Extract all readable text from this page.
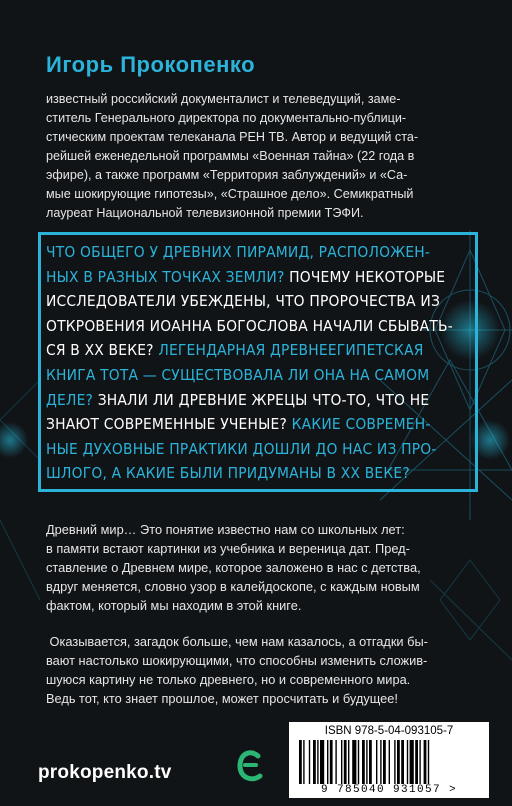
Игорь Прокопенко

известный российский документалист и телеведущий, заме-

ститель Генерального директора по документально-публици-

стическим проектам телеканала РЕН ТВ. Автор и ведущий ста-

рейшей еженедельной программы «Военная тайна» (22 года в

эфире), а также программ «Территория заблуждений» и «Са-

мые шокирующие гипотезы», «Страшное дело». Семикратный

лауреат Национальной телевизионной премии ТЭФИ.

ЧТО ОБЩЕГО У ДРЕВНИХ ПИРАМИД, РАСПОЛОЖЕН-

НЫХ В РАЗНЫХ ТОЧКАХ ЗЕМЛИ? ПОЧЕМУ НЕКОТОРЫЕ

ИССЛЕДОВАТЕЛИ УБЕЖДЕНЫ, ЧТО ПРОРОЧЕСТВА ИЗ

ОТКРОВЕНИЯ ИОАННА БОГОСЛОВА НАЧАЛИ СБЫВАТЬ-

СЯ В XX ВЕКЕ? ЛЕГЕНДАРНАЯ ДРЕВНЕЕГИПЕТСКАЯ

КНИГА ТОТА — СУЩЕСТВОВАЛА ЛИ ОНА НА САМОМ

ДЕЛЕ? ЗНАЛИ ЛИ ДРЕВНИЕ ЖРЕЦЫ ЧТО-ТО, ЧТО НЕ

ЗНАЮТ СОВРЕМЕННЫЕ УЧЕНЫЕ? КАКИЕ СОВРЕМЕН-

НЫЕ ДУХОВНЫЕ ПРАКТИКИ ДОШЛИ ДО НАС ИЗ ПРО-

ШЛОГО, А КАКИЕ БЫЛИ ПРИДУМАНЫ В XX ВЕКЕ?

Древний мир… Это понятие известно нам со школьных лет:

в памяти встают картинки из учебника и вереница дат. Пред-

ставление о Древнем мире, которое заложено в нас с детства,

вдруг меняется, словно узор в калейдоскопе, с каждым новым

фактом, который мы находим в этой книге.

Оказывается, загадок больше, чем нам казалось, а отгадки бы-

вают настолько шокирующими, что способны изменить сложив-

шуюся картину не только древнего, но и современного мира.

Ведь тот, кто знает прошлое, может просчитать и будущее!

prokopenko.tv
ISBN 978-5-04-093105-7
9 785040 931057 >
